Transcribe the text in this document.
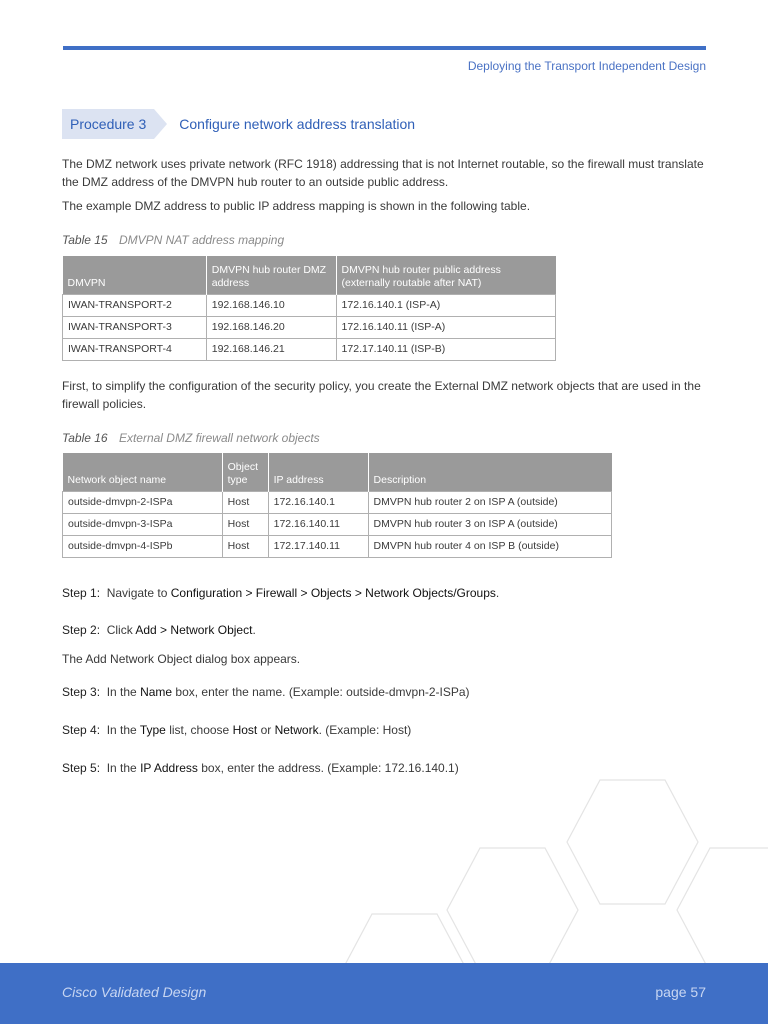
Deploying the Transport Independent Design
Procedure 3	Configure network address translation

The DMZ network uses private network (RFC 1918) addressing that is not Internet routable, so the firewall must translate the DMZ address of the DMVPN hub router to an outside public address.

The example DMZ address to public IP address mapping is shown in the following table.

Table 15 DMVPN NAT address mapping
DMVPN	DMVPN hub router DMZ address	DMVPN hub router public address (externally routable after NAT)
IWAN-TRANSPORT-2	192.168.146.10	172.16.140.1 (ISP-A)
IWAN-TRANSPORT-3	192.168.146.20	172.16.140.11 (ISP-A)
IWAN-TRANSPORT-4	192.168.146.21	172.17.140.11 (ISP-B)

First, to simplify the configuration of the security policy, you create the External DMZ network objects that are used in the firewall policies.

Table 16 External DMZ firewall network objects
Network object name	Object type	IP address	Description
outside-dmvpn-2-ISPa	Host	172.16.140.1	DMVPN hub router 2 on ISP A (outside)
outside-dmvpn-3-ISPa	Host	172.16.140.11	DMVPN hub router 3 on ISP A (outside)
outside-dmvpn-4-ISPb	Host	172.17.140.11	DMVPN hub router 4 on ISP B (outside)

Step 1: Navigate to Configuration > Firewall > Objects > Network Objects/Groups.

Step 2: Click Add > Network Object.

The Add Network Object dialog box appears.

Step 3: In the Name box, enter the name. (Example: outside-dmvpn-2-ISPa)

Step 4: In the Type list, choose Host or Network. (Example: Host)

Step 5: In the IP Address box, enter the address. (Example: 172.16.140.1)

Cisco Validated Design	page 57
